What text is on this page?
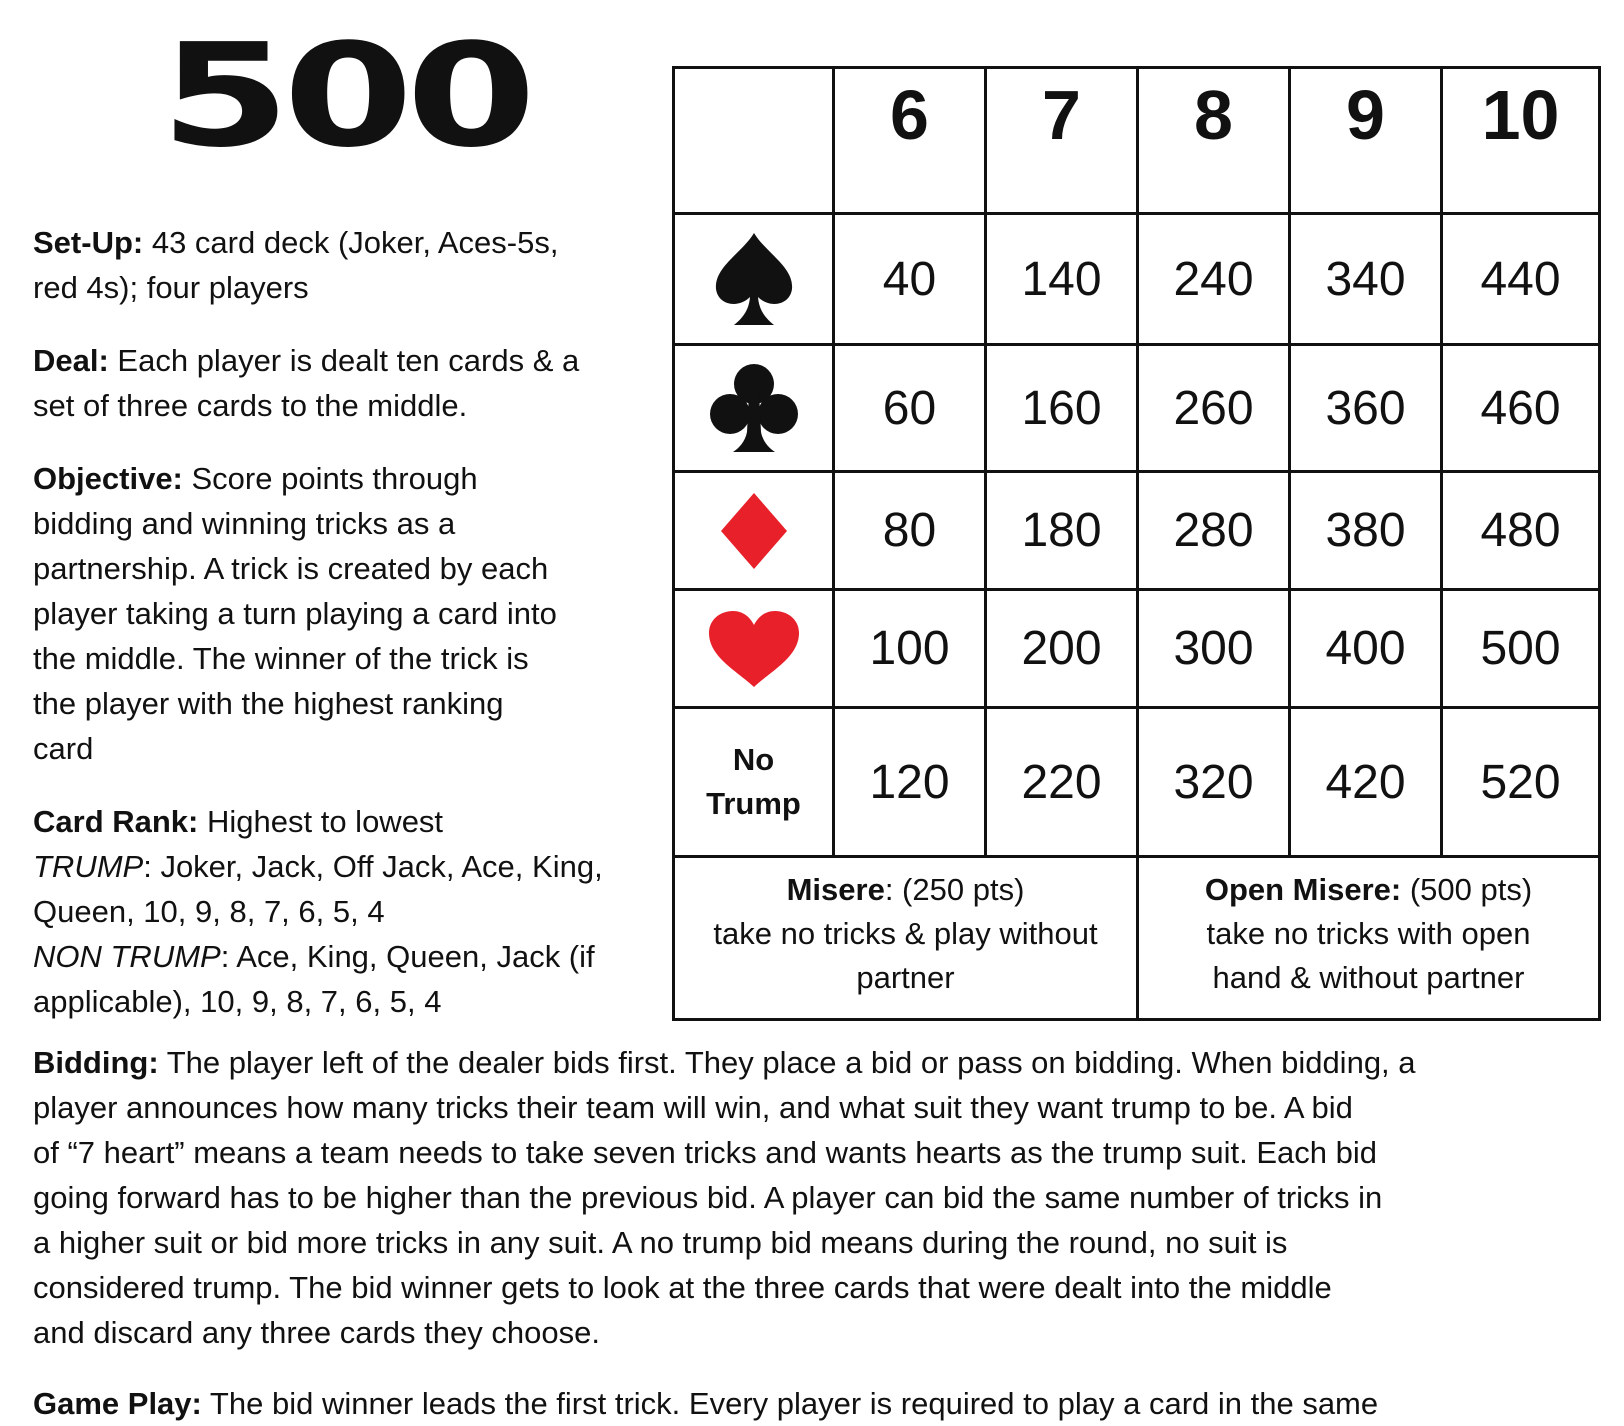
500

Set-Up: 43 card deck (Joker, Aces-5s,
red 4s); four players

Deal: Each player is dealt ten cards & a
set of three cards to the middle.

Objective: Score points through
bidding and winning tricks as a
partnership. A trick is created by each
player taking a turn playing a card into
the middle. The winner of the trick is
the player with the highest ranking
card

Card Rank: Highest to lowest
TRUMP: Joker, Jack, Off Jack, Ace, King,
Queen, 10, 9, 8, 7, 6, 5, 4
NON TRUMP: Ace, King, Queen, Jack (if
applicable), 10, 9, 8, 7, 6, 5, 4

	6	7	8	9	10

	40	140	240	340	440

	60	160	260	360	460

	80	180	280	380	480

	100	200	300	400	500

No
Trump	120	220	320	420	520

Misere: (250 pts)
take no tricks & play without
partner			Open Misere: (500 pts)
take no tricks with open
hand & without partner		
Bidding: The player left of the dealer bids first. They place a bid or pass on bidding. When bidding, a
player announces how many tricks their team will win, and what suit they want trump to be. A bid
of “7 heart” means a team needs to take seven tricks and wants hearts as the trump suit. Each bid
going forward has to be higher than the previous bid. A player can bid the same number of tricks in
a higher suit or bid more tricks in any suit. A no trump bid means during the round, no suit is
considered trump. The bid winner gets to look at the three cards that were dealt into the middle
and discard any three cards they choose.
Game Play: The bid winner leads the first trick. Every player is required to play a card in the same
